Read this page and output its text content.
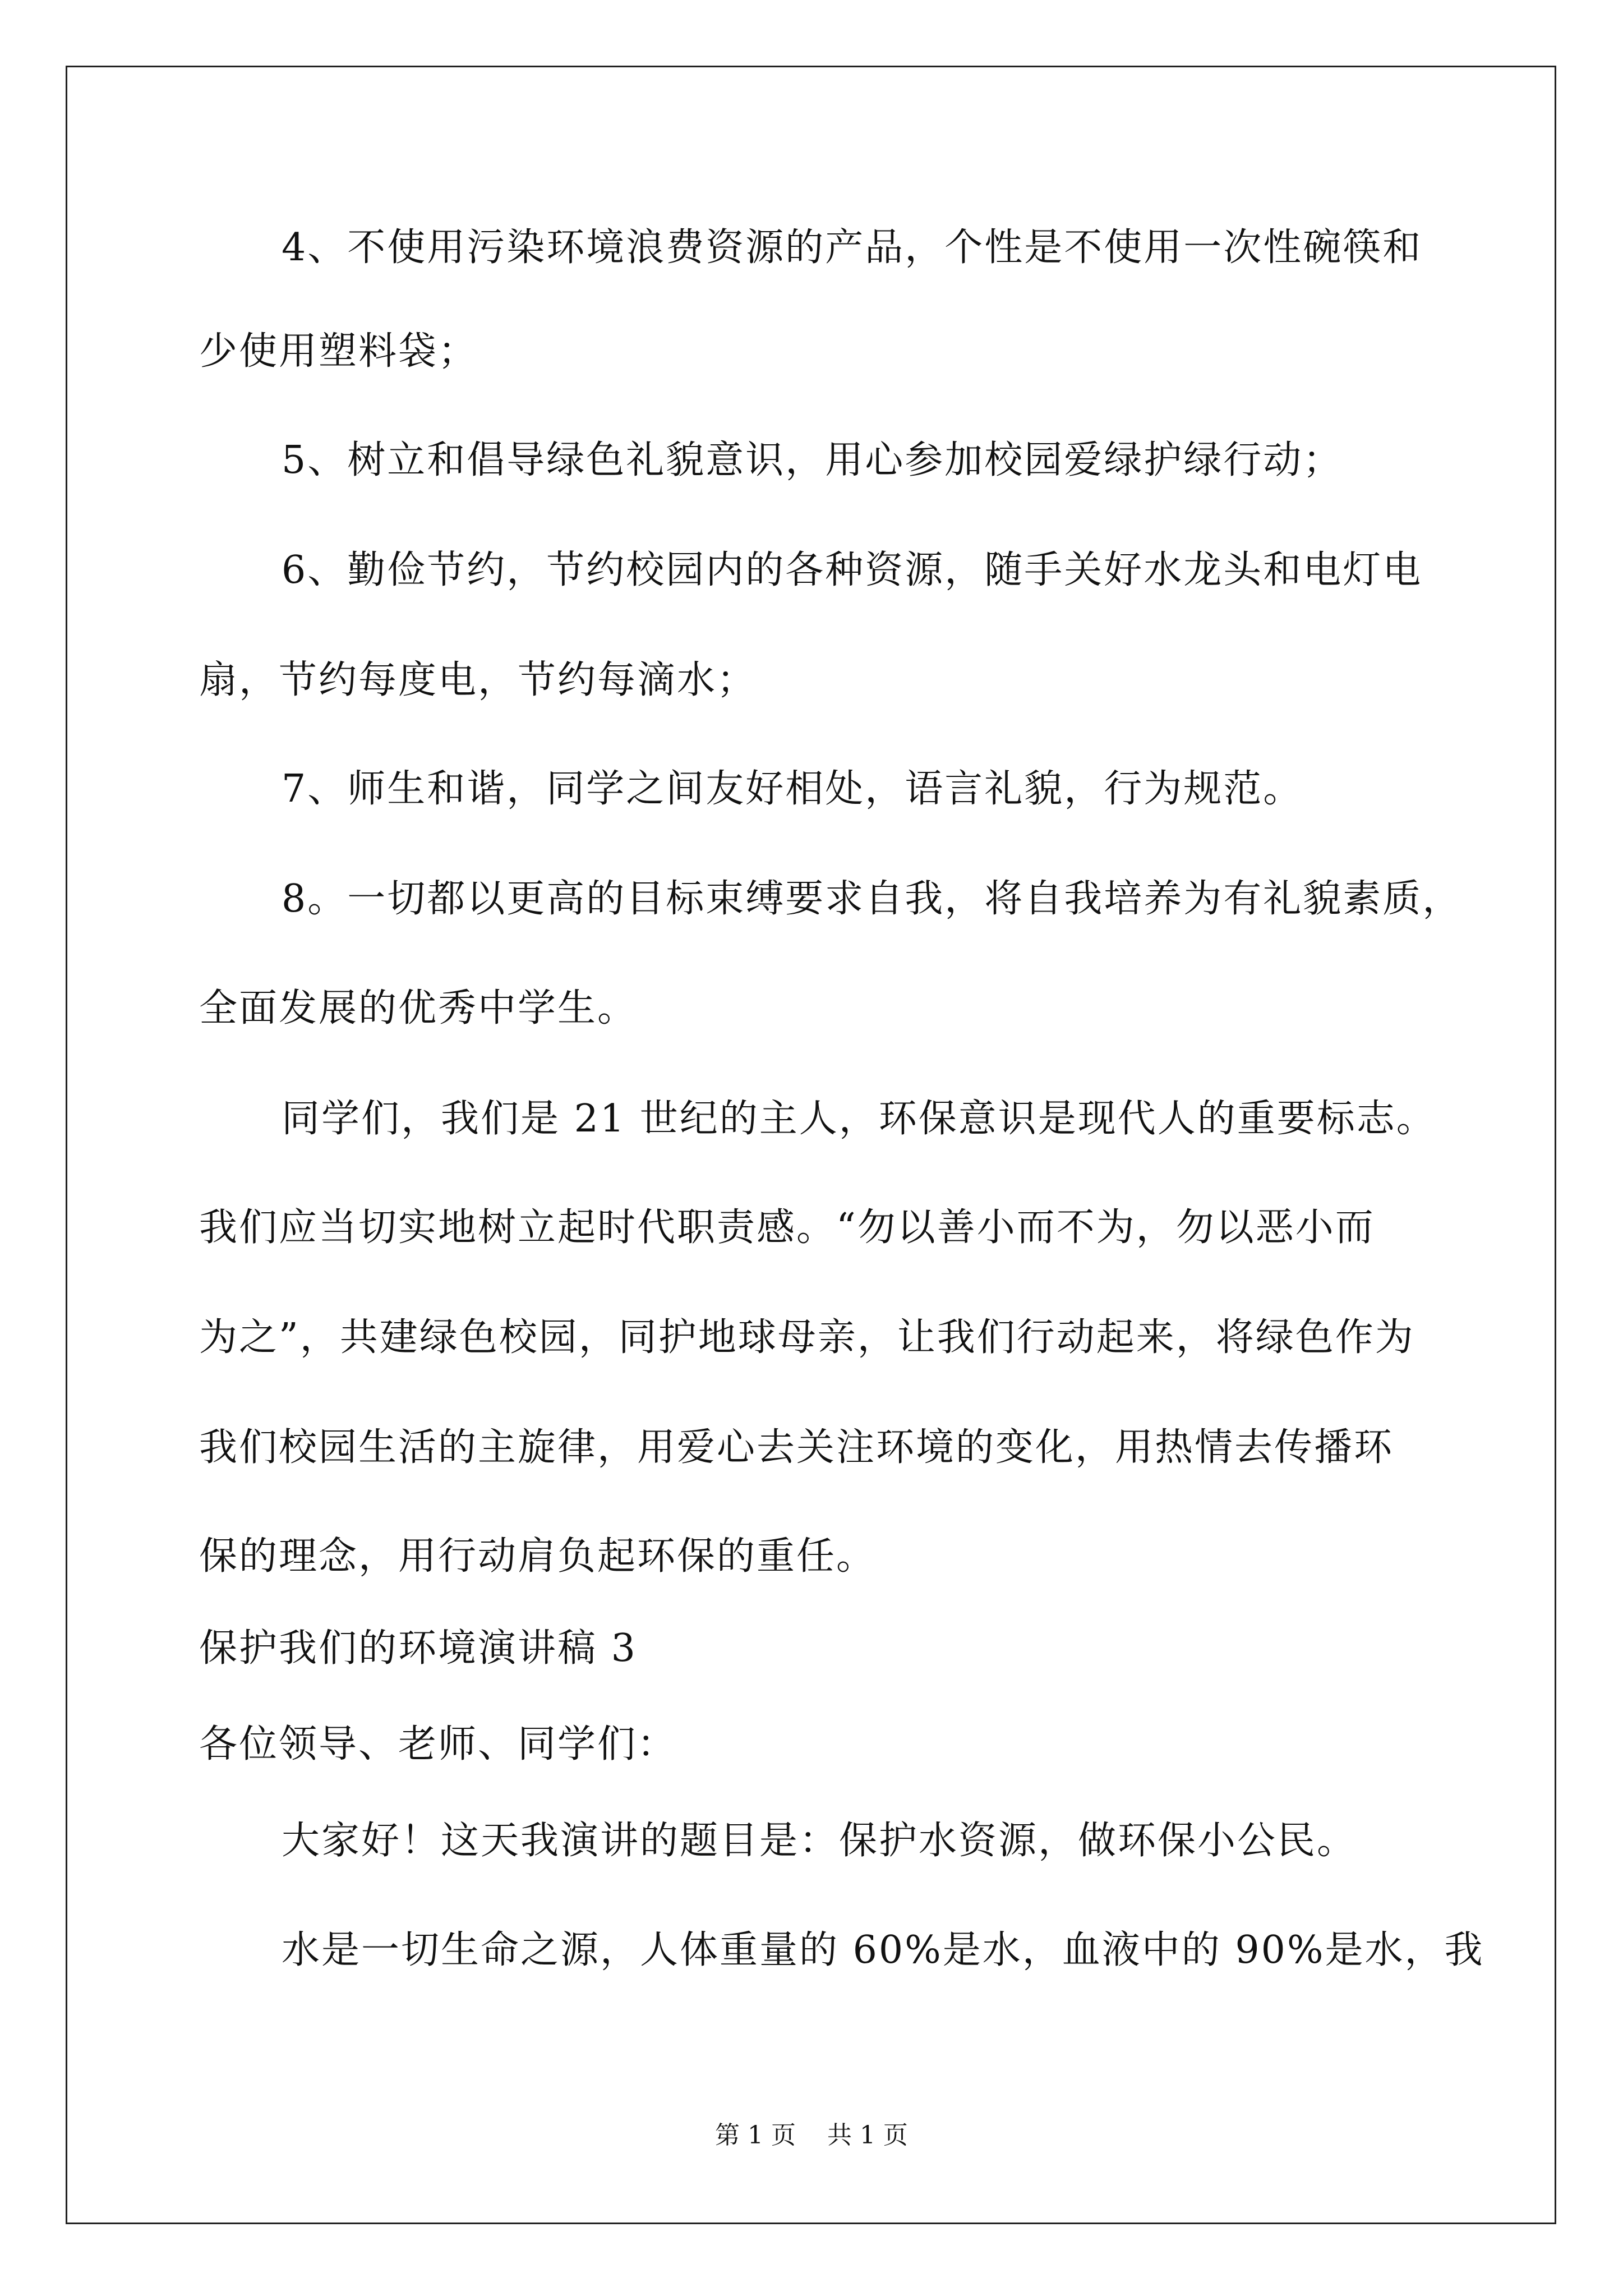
4、不使用污染环境浪费资源的产品，个性是不使用一次性碗筷和
少使用塑料袋；
5、树立和倡导绿色礼貌意识，用心参加校园爱绿护绿行动；
6、勤俭节约，节约校园内的各种资源，随手关好水龙头和电灯电
扇，节约每度电，节约每滴水；
7、师生和谐，同学之间友好相处，语言礼貌，行为规范。
8。一切都以更高的目标束缚要求自我，将自我培养为有礼貌素质，
全面发展的优秀中学生。
同学们，我们是 21 世纪的主人，环保意识是现代人的重要标志。
我们应当切实地树立起时代职责感。“勿以善小而不为，勿以恶小而
为之”，共建绿色校园，同护地球母亲，让我们行动起来，将绿色作为
我们校园生活的主旋律，用爱心去关注环境的变化，用热情去传播环
保的理念，用行动肩负起环保的重任。
保护我们的环境演讲稿 3
各位领导、老师、同学们：
大家好！这天我演讲的题目是：保护水资源，做环保小公民。
水是一切生命之源，人体重量的 60%是水，血液中的 90%是水，我
第 1 页    共 1 页
